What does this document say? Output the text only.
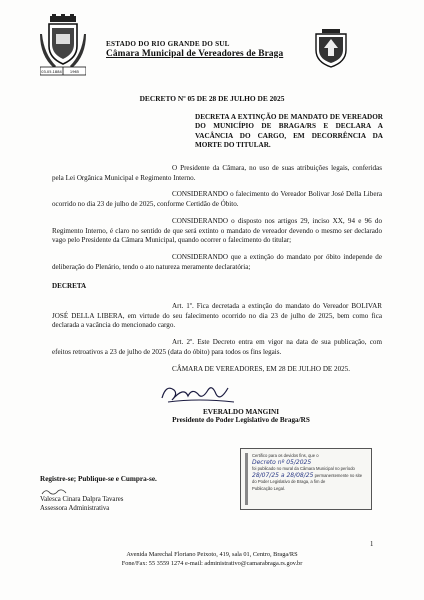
03.05.1884 1965
ESTADO DO RIO GRANDE DO SUL
Câmara Municipal de Vereadores de Braga
DECRETO Nº 05 DE 28 DE JULHO DE 2025
DECRETA A EXTINÇÃO DE MANDATO DE VEREADOR DO MUNICÍPIO DE BRAGA/RS E DECLARA A VACÂNCIA DO CARGO, EM DECORRÊNCIA DA MORTE DO TITULAR.

O Presidente da Câmara, no uso de suas atribuições legais, conferidas pela Lei Orgânica Municipal e Regimento Interno.

CONSIDERANDO o falecimento do Vereador Bolivar José Della Libera ocorrido no dia 23 de julho de 2025, conforme Certidão de Óbito.

CONSIDERANDO o disposto nos artigos 29, inciso XX, 94 e 96 do Regimento Interno, é claro no sentido de que será extinto o mandato de vereador devendo o mesmo ser declarado vago pelo Presidente da Câmara Municipal, quando ocorrer o falecimento do titular;

CONSIDERANDO que a extinção do mandato por óbito independe de deliberação do Plenário, tendo o ato natureza meramente declaratória;

DECRETA

Art. 1º. Fica decretada a extinção do mandato do Vereador BOLIVAR JOSÉ DELLA LIBERA, em virtude do seu falecimento ocorrido no dia 23 de julho de 2025, bem como fica declarada a vacância do mencionado cargo.

Art. 2º. Este Decreto entra em vigor na data de sua publicação, com efeitos retroativos a 23 de julho de 2025 (data do óbito) para todos os fins legais.

CÂMARA DE VEREADORES, EM 28 DE JULHO DE 2025.

EVERALDO MANGINI
Presidente do Poder Legislativo de Braga/RS
Certifico para os devidos fins, que o
Decreto nº 05/2025
foi publicado no mural da Câmara Municipal no período
28/07/25 a 28/08/25 permanentemente no site
do Poder Legislativo de Braga, a fim de
Publicação Legal.
Registre-se; Publique-se e Cumpra-se.
Valesca Cinara Dalpra Tavares
Assessora Administrativa
1
Avenida Marechal Floriano Peixoto, 419, sala 01, Centro, Braga/RS
Fone/Fax: 55 3559 1274 e-mail: administrativo@camarabraga.rs.gov.br
